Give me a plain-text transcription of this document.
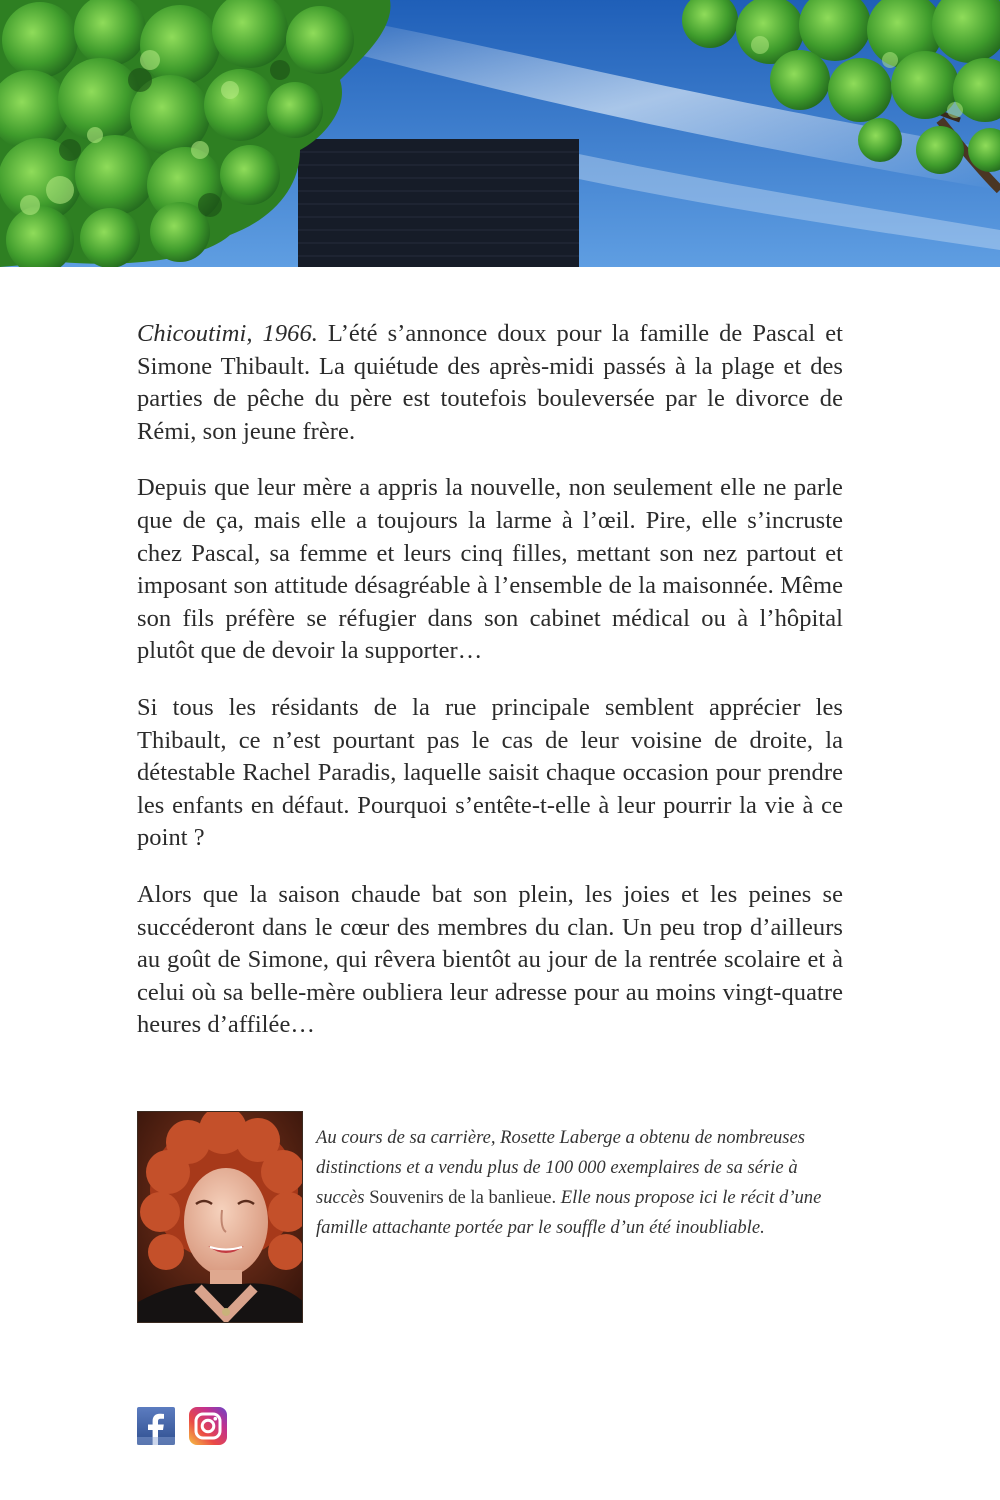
Chicoutimi, 1966. L’été s’annonce doux pour la famille de Pascal et Simone Thibault. La quiétude des après-midi passés à la plage et des parties de pêche du père est toutefois bouleversée par le divorce de Rémi, son jeune frère.

Depuis que leur mère a appris la nouvelle, non seulement elle ne parle que de ça, mais elle a toujours la larme à l’œil. Pire, elle s’incruste chez Pascal, sa femme et leurs cinq filles, mettant son nez partout et imposant son attitude désagréable à l’ensemble de la maisonnée. Même son fils préfère se réfugier dans son cabinet médical ou à l’hôpital plutôt que de devoir la supporter…

Si tous les résidants de la rue principale semblent apprécier les Thibault, ce n’est pourtant pas le cas de leur voisine de droite, la détestable Rachel Paradis, laquelle saisit chaque occasion pour prendre les enfants en défaut. Pourquoi s’entête-t-elle à leur pourrir la vie à ce point ?

Alors que la saison chaude bat son plein, les joies et les peines se succéderont dans le cœur des membres du clan. Un peu trop d’ailleurs au goût de Simone, qui rêvera bientôt au jour de la rentrée scolaire et à celui où sa belle-mère oubliera leur adresse pour au moins vingt-quatre heures d’affilée…

Au cours de sa carrière, Rosette Laberge a obtenu de nombreuses distinctions et a vendu plus de 100 000 exemplaires de sa série à succès Souvenirs de la banlieue. Elle nous propose ici le récit d’une famille attachante portée par le souffle d’un été inoubliable.
